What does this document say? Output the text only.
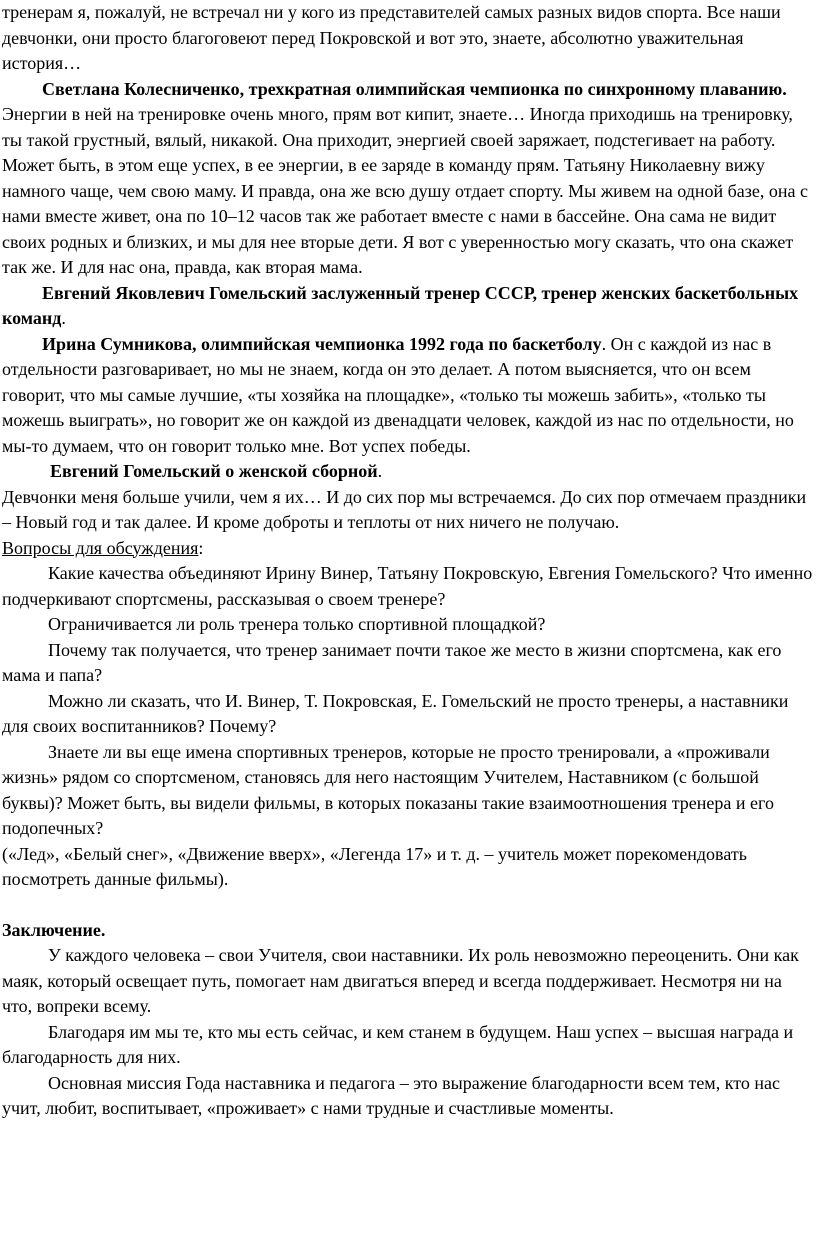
тренерам я, пожалуй, не встречал ни у кого из представителей самых разных видов спорта. Все наши девчонки, они просто благоговеют перед Покровской и вот это, знаете, абсолютно уважительная история…

Светлана Колесниченко, трехкратная олимпийская чемпионка по синхронному плаванию. Энергии в ней на тренировке очень много, прям вот кипит, знаете… Иногда приходишь на тренировку, ты такой грустный, вялый, никакой. Она приходит, энергией своей заряжает, подстегивает на работу. Может быть, в этом еще успех, в ее энергии, в ее заряде в команду прям. Татьяну Николаевну вижу намного чаще, чем свою маму. И правда, она же всю душу отдает спорту. Мы живем на одной базе, она с нами вместе живет, она по 10–12 часов так же работает вместе с нами в бассейне. Она сама не видит своих родных и близких, и мы для нее вторые дети. Я вот с уверенностью могу сказать, что она скажет так же. И для нас она, правда, как вторая мама.

Евгений Яковлевич Гомельский заслуженный тренер СССР, тренер женских баскетбольных команд.

Ирина Сумникова, олимпийская чемпионка 1992 года по баскетболу. Он с каждой из нас в отдельности разговаривает, но мы не знаем, когда он это делает. А потом выясняется, что он всем говорит, что мы самые лучшие, «ты хозяйка на площадке», «только ты можешь забить», «только ты можешь выиграть», но говорит же он каждой из двенадцати человек, каждой из нас по отдельности, но мы-то думаем, что он говорит только мне. Вот успех победы.

Евгений Гомельский о женской сборной.

Девчонки меня больше учили, чем я их… И до сих пор мы встречаемся. До сих пор отмечаем праздники – Новый год и так далее. И кроме доброты и теплоты от них ничего не получаю.

Вопросы для обсуждения:

Какие качества объединяют Ирину Винер, Татьяну Покровскую, Евгения Гомельского? Что именно подчеркивают спортсмены, рассказывая о своем тренере?

Ограничивается ли роль тренера только спортивной площадкой?

Почему так получается, что тренер занимает почти такое же место в жизни спортсмена, как его мама и папа?

Можно ли сказать, что И. Винер, Т. Покровская, Е. Гомельский не просто тренеры, а наставники для своих воспитанников? Почему?

Знаете ли вы еще имена спортивных тренеров, которые не просто тренировали, а «проживали жизнь» рядом со спортсменом, становясь для него настоящим Учителем, Наставником (с большой буквы)? Может быть, вы видели фильмы, в которых показаны такие взаимоотношения тренера и его подопечных?

(«Лед», «Белый снег», «Движение вверх», «Легенда 17» и т. д. – учитель может порекомендовать посмотреть данные фильмы).

Заключение.

У каждого человека – свои Учителя, свои наставники. Их роль невозможно переоценить. Они как маяк, который освещает путь, помогает нам двигаться вперед и всегда поддерживает. Несмотря ни на что, вопреки всему.

Благодаря им мы те, кто мы есть сейчас, и кем станем в будущем. Наш успех – высшая награда и благодарность для них.

Основная миссия Года наставника и педагога – это выражение благодарности всем тем, кто нас учит, любит, воспитывает, «проживает» с нами трудные и счастливые моменты.
